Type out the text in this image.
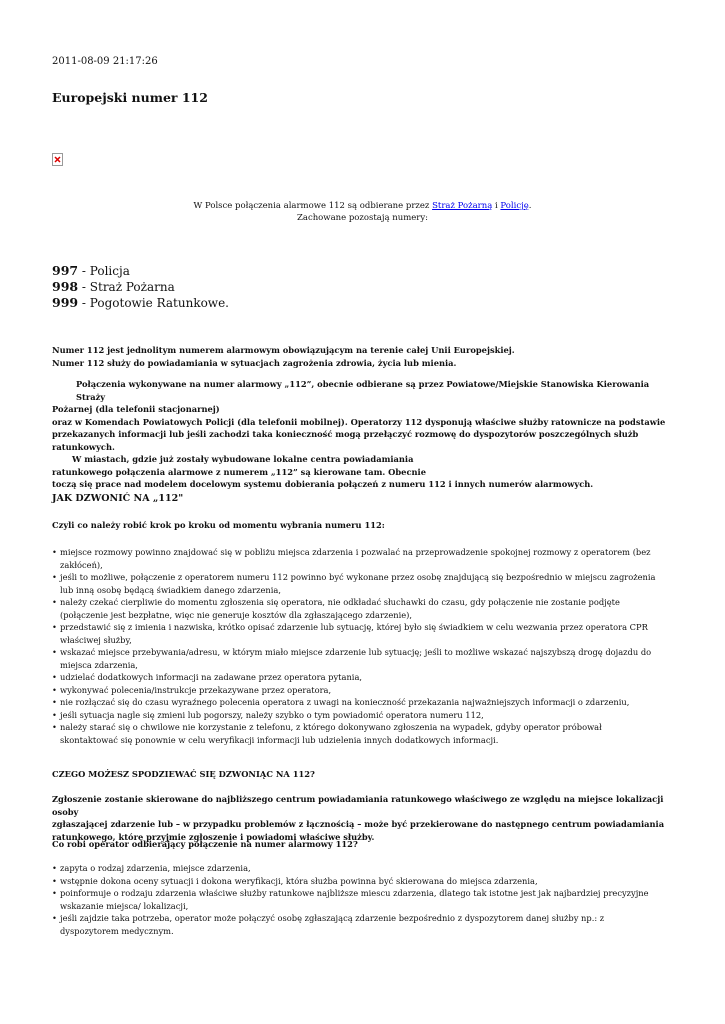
2011-08-09 21:17:26
Europejski numer 112
W Polsce połączenia alarmowe 112 są odbierane przez Straż Pożarną i Policję.
Zachowane pozostają numery:
997 - Policja
998 - Straż Pożarna
999 - Pogotowie Ratunkowe.
Numer 112 jest jednolitym numerem alarmowym obowiązującym na terenie całej Unii Europejskiej.
Numer 112 służy do powiadamiania w sytuacjach zagrożenia zdrowia, życia lub mienia.
Połączenia wykonywane na numer alarmowy „112”, obecnie odbierane są przez Powiatowe/Miejskie Stanowiska Kierowania Straży
Pożarnej (dla telefonii stacjonarnej)
oraz w Komendach Powiatowych Policji (dla telefonii mobilnej). Operatorzy 112 dysponują właściwe służby ratownicze na podstawie
przekazanych informacji lub jeśli zachodzi taka konieczność mogą przełączyć rozmowę do dyspozytorów poszczególnych służb ratunkowych.
W miastach, gdzie już zostały wybudowane lokalne centra powiadamiania
ratunkowego połączenia alarmowe z numerem „112” są kierowane tam. Obecnie
toczą się prace nad modelem docelowym systemu dobierania połączeń z numeru 112 i innych numerów alarmowych.
JAK DZWONIĆ NA „112"
Czyli co należy robić krok po kroku od momentu wybrania numeru 112:
• miejsce rozmowy powinno znajdować się w pobliżu miejsca zdarzenia i pozwalać na przeprowadzenie spokojnej rozmowy z operatorem (bez zakłóceń),
• jeśli to możliwe, połączenie z operatorem numeru 112 powinno być wykonane przez osobę znajdującą się bezpośrednio w miejscu zagrożenia lub inną osobę będącą świadkiem danego zdarzenia,
• należy czekać cierpliwie do momentu zgłoszenia się operatora, nie odkładać słuchawki do czasu, gdy połączenie nie zostanie podjęte (połączenie jest bezpłatne, więc nie generuje kosztów dla zgłaszającego zdarzenie),
• przedstawić się z imienia i nazwiska, krótko opisać zdarzenie lub sytuację, której było się świadkiem w celu wezwania przez operatora CPR właściwej służby,
• wskazać miejsce przebywania/adresu, w którym miało miejsce zdarzenie lub sytuację; jeśli to możliwe wskazać najszybszą drogę dojazdu do miejsca zdarzenia,
• udzielać dodatkowych informacji na zadawane przez operatora pytania,
• wykonywać polecenia/instrukcje przekazywane przez operatora,
• nie rozłączać się do czasu wyraźnego polecenia operatora z uwagi na konieczność przekazania najważniejszych informacji o zdarzeniu,
• jeśli sytuacja nagle się zmieni lub pogorszy, należy szybko o tym powiadomić operatora numeru 112,
• należy starać się o chwilowe nie korzystanie z telefonu, z którego dokonywano zgłoszenia na wypadek, gdyby operator próbował skontaktować się ponownie w celu weryfikacji informacji lub udzielenia innych dodatkowych informacji.
CZEGO MOŻESZ SPODZIEWAĆ SIĘ DZWONIĄC NA 112?
Zgłoszenie zostanie skierowane do najbliższego centrum powiadamiania ratunkowego właściwego ze względu na miejsce lokalizacji osoby
zgłaszającej zdarzenie lub – w przypadku problemów z łącznością – może być przekierowane do następnego centrum powiadamiania
ratunkowego, które przyjmie zgłoszenie i powiadomi właściwe służby.
Co robi operator odbierający połączenie na numer alarmowy 112?
• zapyta o rodzaj zdarzenia, miejsce zdarzenia,
• wstępnie dokona oceny sytuacji i dokona weryfikacji, która służba powinna być skierowana do miejsca zdarzenia,
• poinformuje o rodzaju zdarzenia właściwe służby ratunkowe najbliższe miescu zdarzenia, dlatego tak istotne jest jak najbardziej precyzyjne wskazanie miejsca/ lokalizacji,
• jeśli zajdzie taka potrzeba, operator może połączyć osobę zgłaszającą zdarzenie bezpośrednio z dyspozytorem danej służby np.: z dyspozytorem medycznym.
